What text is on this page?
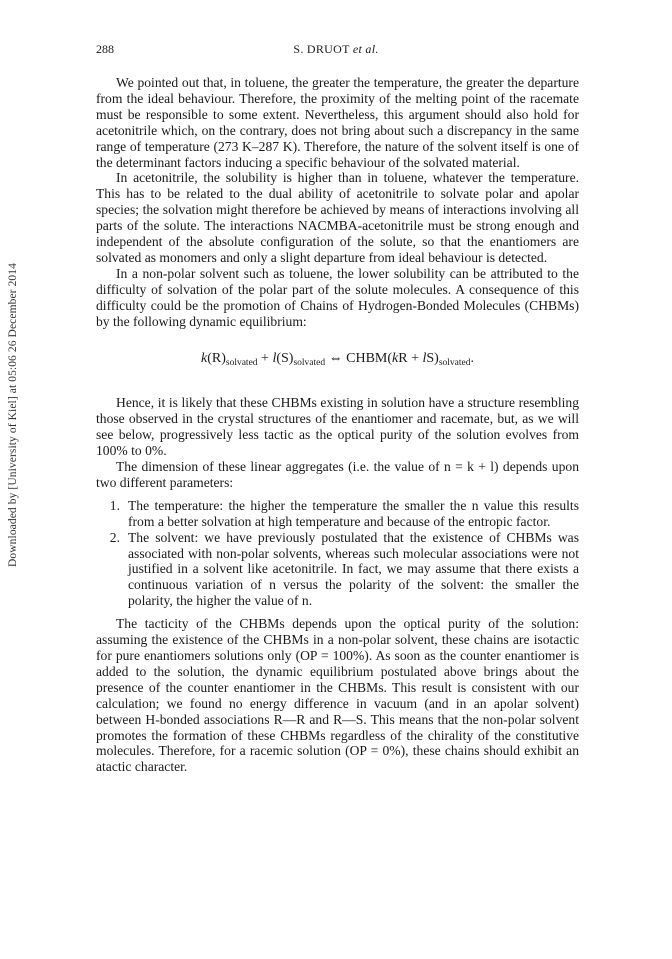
Downloaded by [University of Kiel] at 05:06 26 December 2014
288	S. DRUOT et al.

We pointed out that, in toluene, the greater the temperature, the greater the departure from the ideal behaviour. Therefore, the proximity of the melting point of the racemate must be responsible to some extent. Nevertheless, this argument should also hold for acetonitrile which, on the contrary, does not bring about such a discrepancy in the same range of temperature (273 K–287 K). Therefore, the nature of the solvent itself is one of the determinant factors inducing a specific behaviour of the solvated material.

In acetonitrile, the solubility is higher than in toluene, whatever the temperature. This has to be related to the dual ability of acetonitrile to solvate polar and apolar species; the solvation might therefore be achieved by means of interactions involving all parts of the solute. The interactions NACMBA-acetonitrile must be strong enough and independent of the absolute configuration of the solute, so that the enantiomers are solvated as monomers and only a slight departure from ideal behaviour is detected.

In a non-polar solvent such as toluene, the lower solubility can be attributed to the difficulty of solvation of the polar part of the solute molecules. A consequence of this difficulty could be the promotion of Chains of Hydrogen-Bonded Molecules (CHBMs) by the following dynamic equilibrium:

$k(R)_{solvated} + l(S)_{solvated}$ ⇔ CHBM(kR + $lS)_{solvated}$.

Hence, it is likely that these CHBMs existing in solution have a structure resembling those observed in the crystal structures of the enantiomer and racemate, but, as we will see below, progressively less tactic as the optical purity of the solution evolves from 100% to 0%.

The dimension of these linear aggregates (i.e. the value of n = k + l) depends upon two different parameters:

1. The temperature: the higher the temperature the smaller the n value this results from a better solvation at high temperature and because of the entropic factor.
2. The solvent: we have previously postulated that the existence of CHBMs was associated with non-polar solvents, whereas such molecular associations were not justified in a solvent like acetonitrile. In fact, we may assume that there exists a continuous variation of n versus the polarity of the solvent: the smaller the polarity, the higher the value of n.

The tacticity of the CHBMs depends upon the optical purity of the solution: assuming the existence of the CHBMs in a non-polar solvent, these chains are isotactic for pure enantiomers solutions only (OP = 100%). As soon as the counter enantiomer is added to the solution, the dynamic equilibrium postulated above brings about the presence of the counter enantiomer in the CHBMs. This result is consistent with our calculation; we found no energy difference in vacuum (and in an apolar solvent) between H-bonded associations R—R and R—S. This means that the non-polar solvent promotes the formation of these CHBMs regardless of the chirality of the constitutive molecules. Therefore, for a racemic solution (OP = 0%), these chains should exhibit an atactic character.
